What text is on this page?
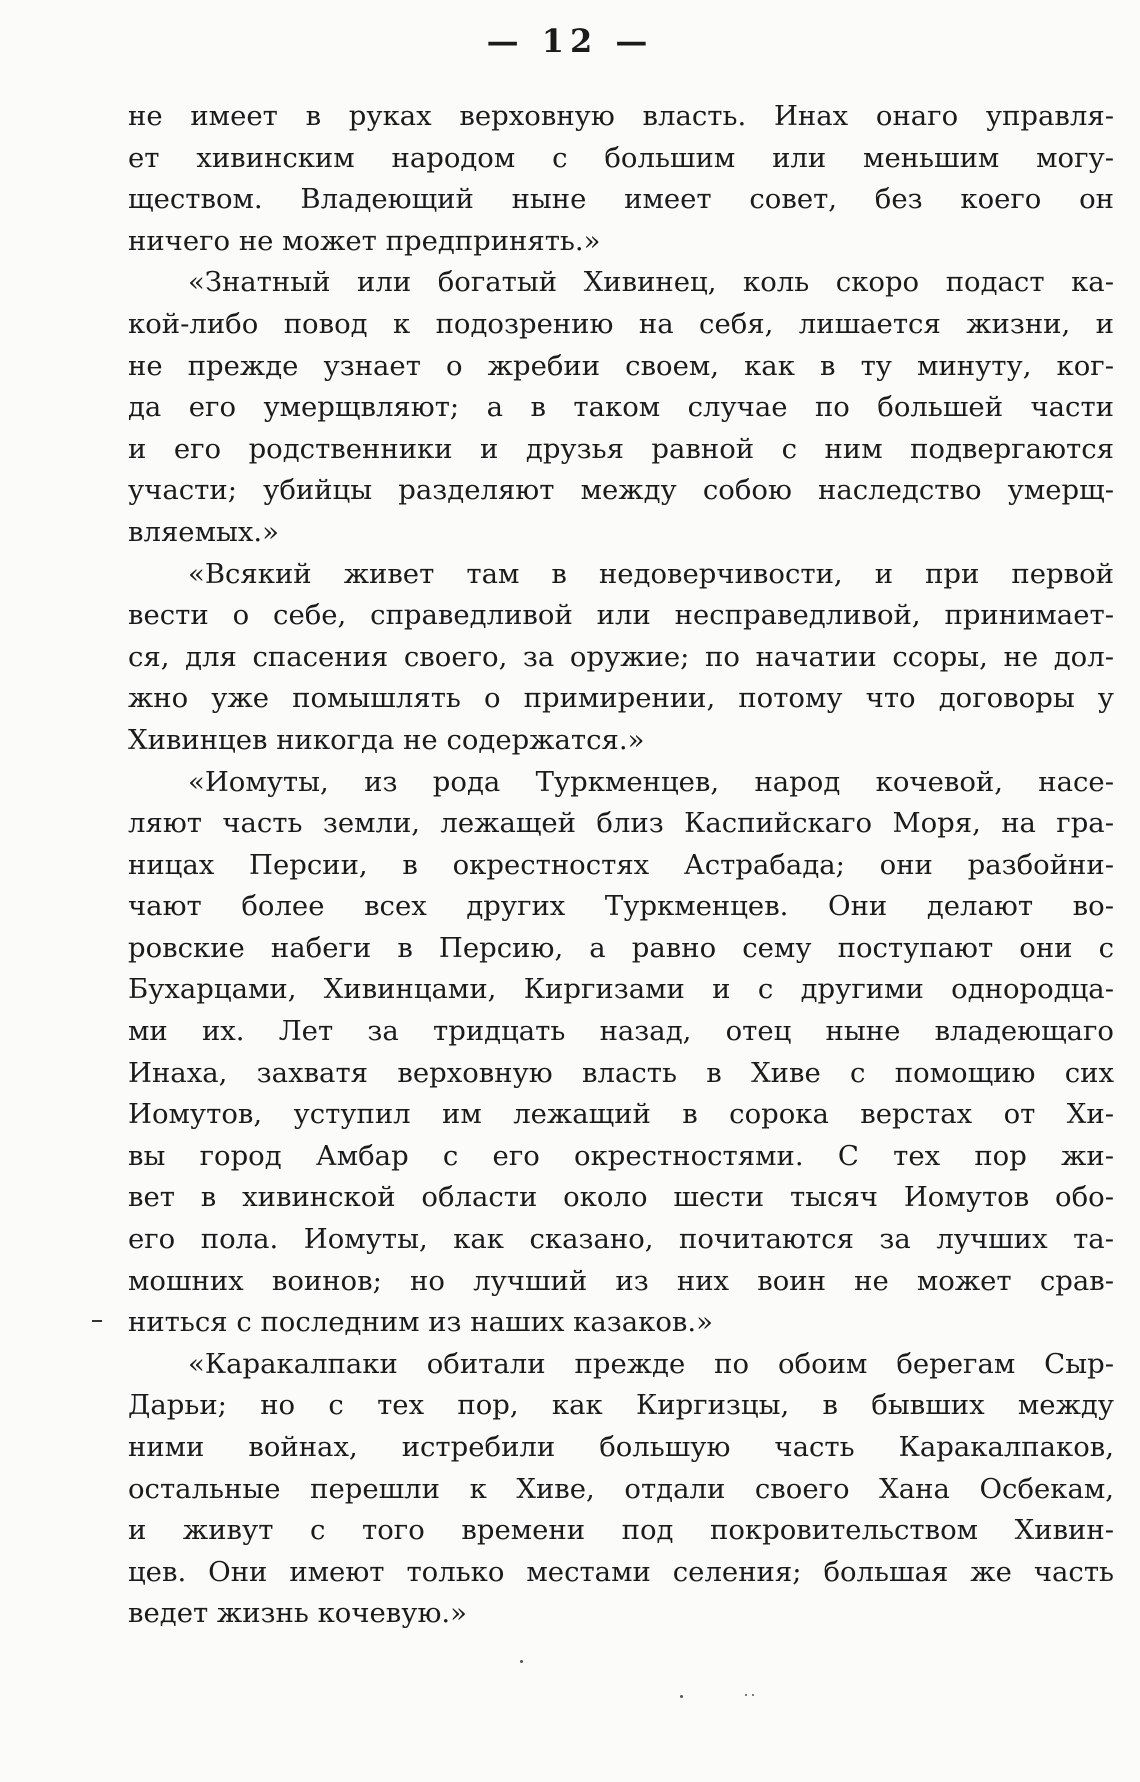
— 12 —
не имеет в руках верховную власть. Инах онаго управля-
ет хивинским народом с большим или меньшим могу-
ществом. Владеющий ныне имеет совет, без коего он
ничего не может предпринять.»
«Знатный или богатый Хивинец, коль скоро подаст ка-
кой-либо повод к подозрению на себя, лишается жизни, и
не прежде узнает о жребии своем, как в ту минуту, ког-
да его умерщвляют; а в таком случае по большей части
и его родственники и друзья равной с ним подвергаются
участи; убийцы разделяют между собою наследство умерщ-
вляемых.»
«Всякий живет там в недоверчивости, и при первой
вести о себе, справедливой или несправедливой, принимает-
ся, для спасения своего, за оружие; по начатии ссоры, не дол-
жно уже помышлять о примирении, потому что договоры у
Хивинцев никогда не содержатся.»
«Иомуты, из рода Туркменцев, народ кочевой, насе-
ляют часть земли, лежащей близ Каспийскаго Моря, на гра-
ницах Персии, в окрестностях Астрабада; они разбойни-
чают более всех других Туркменцев. Они делают во-
ровские набеги в Персию, а равно сему поступают они с
Бухарцами, Хивинцами, Киргизами и с другими однородца-
ми их. Лет за тридцать назад, отец ныне владеющаго
Инаха, захватя верховную власть в Хиве с помощию сих
Иомутов, уступил им лежащий в сорока верстах от Хи-
вы город Амбар с его окрестностями. С тех пор жи-
вет в хивинской области около шести тысяч Иомутов обо-
его пола. Иомуты, как сказано, почитаются за лучших та-
мошних воинов; но лучший из них воин не может срав-
ниться с последним из наших казаков.»
«Каракалпаки обитали прежде по обоим берегам Сыр-
Дарьи; но с тех пор, как Киргизцы, в бывших между
ними войнах, истребили большую часть Каракалпаков,
остальные перешли к Хиве, отдали своего Хана Осбекам,
и живут с того времени под покровительством Хивин-
цев. Они имеют только местами селения; большая же часть
ведет жизнь кочевую.»
